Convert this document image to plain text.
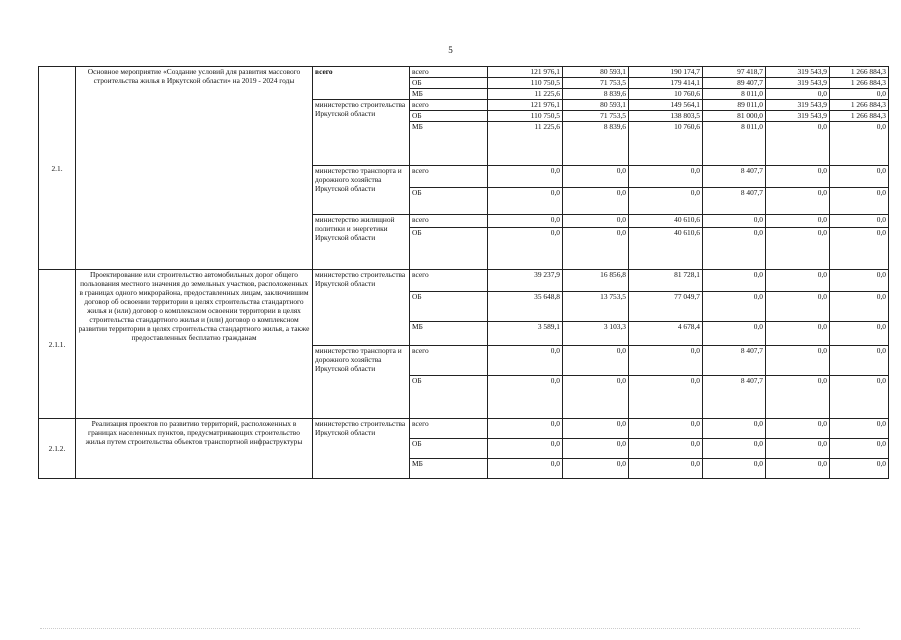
5
2.1.	Основное мероприятие «Создание условий для развития массового строительства жилья в Иркутской области» на 2019 - 2024 годы	всего	всего	121 976,1	80 593,1	190 174,7	97 418,7	319 543,9	1 266 884,3
			ОБ	110 750,5	71 753,5	179 414,1	89 407,7	319 543,9	1 266 884,3
			МБ	11 225,6	8 839,6	10 760,6	8 011,0	0,0	0,0
		министерство строительства Иркутской области	всего	121 976,1	80 593,1	149 564,1	89 011,0	319 543,9	1 266 884,3
			ОБ	110 750,5	71 753,5	138 803,5	81 000,0	319 543,9	1 266 884,3
			МБ	11 225,6	8 839,6	10 760,6	8 011,0	0,0	0,0
		министерство транспорта и дорожного хозяйства Иркутской области	всего	0,0	0,0	0,0	8 407,7	0,0	0,0
			ОБ	0,0	0,0	0,0	8 407,7	0,0	0,0
		министерство жилищной политики и энергетики Иркутской области	всего	0,0	0,0	40 610,6	0,0	0,0	0,0
			ОБ	0,0	0,0	40 610,6	0,0	0,0	0,0
2.1.1.	Проектирование или строительство автомобильных дорог общего пользования местного значения до земельных участков, расположенных в границах одного микрорайона, предоставленных лицам, заключившим договор об освоении территории в целях строительства стандартного жилья и (или) договор о комплексном освоении территории в целях строительства стандартного жилья и (или) договор о комплексном развитии территории в целях строительства стандартного жилья, а также предоставленных бесплатно гражданам	министерство строительства Иркутской области	всего	39 237,9	16 856,8	81 728,1	0,0	0,0	0,0
			ОБ	35 648,8	13 753,5	77 049,7	0,0	0,0	0,0
			МБ	3 589,1	3 103,3	4 678,4	0,0	0,0	0,0
		министерство транспорта и дорожного хозяйства Иркутской области	всего	0,0	0,0	0,0	8 407,7	0,0	0,0
			ОБ	0,0	0,0	0,0	8 407,7	0,0	0,0
2.1.2.	Реализация проектов по развитию территорий, расположенных в границах населенных пунктов, предусматривающих строительство жилья путем строительства объектов транспортной инфраструктуры	министерство строительства Иркутской области	всего	0,0	0,0	0,0	0,0	0,0	0,0
			ОБ	0,0	0,0	0,0	0,0	0,0	0,0
			МБ	0,0	0,0	0,0	0,0	0,0	0,0
